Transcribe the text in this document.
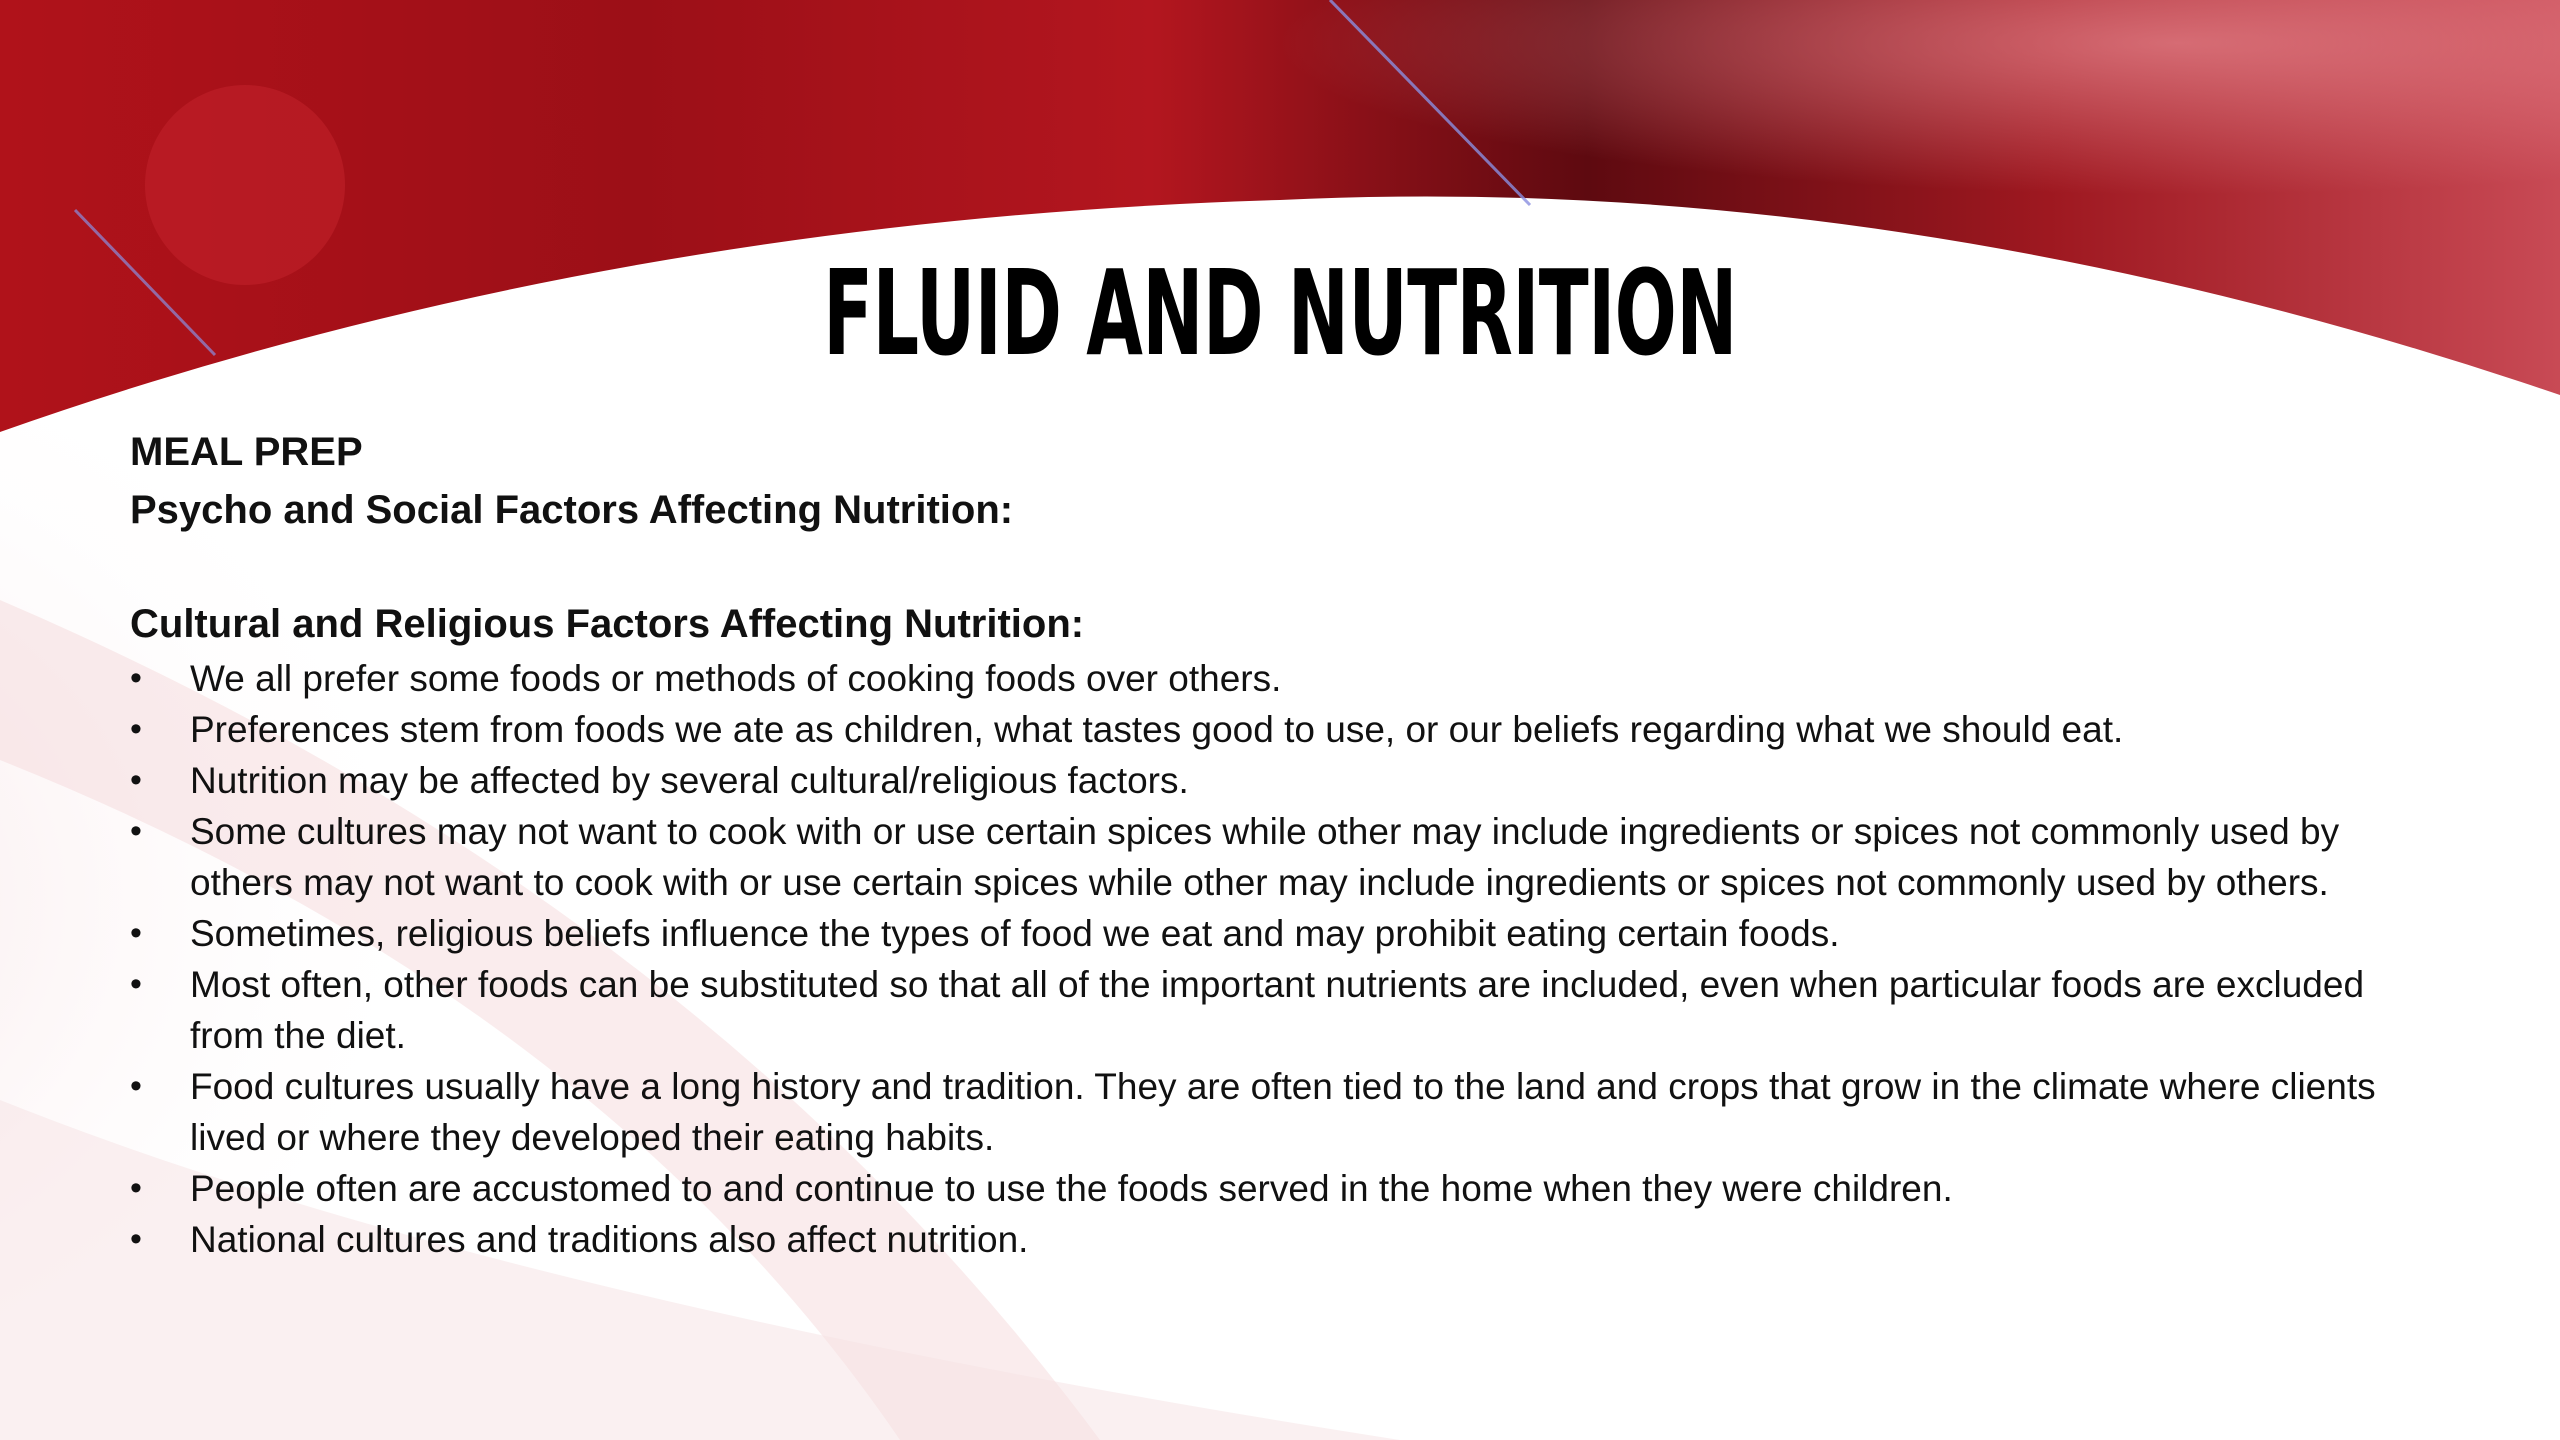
FLUID AND NUTRITION

MEAL PREP

Psycho and Social Factors Affecting Nutrition:

Cultural and Religious Factors Affecting Nutrition:

•	We all prefer some foods or methods of cooking foods over others.
•	Preferences stem from foods we ate as children, what tastes good to use, or our beliefs regarding what we should eat.
•	Nutrition may be affected by several cultural/religious factors.
•	Some cultures may not want to cook with or use certain spices while other may include ingredients or spices not commonly used by others may not want to cook with or use certain spices while other may include ingredients or spices not commonly used by others.
•	Sometimes, religious beliefs influence the types of food we eat and may prohibit eating certain foods.
•	Most often, other foods can be substituted so that all of the important nutrients are included, even when particular foods are excluded from the diet.
•	Food cultures usually have a long history and tradition. They are often tied to the land and crops that grow in the climate where clients lived or where they developed their eating habits.
•	People often are accustomed to and continue to use the foods served in the home when they were children.
•	National cultures and traditions also affect nutrition.
